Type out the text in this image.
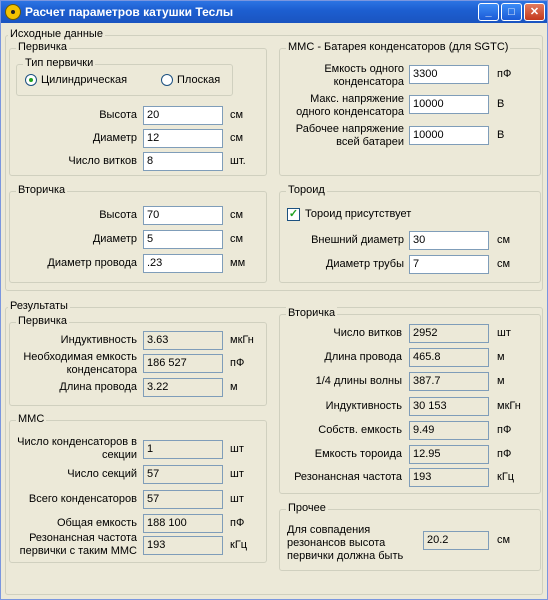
Расчет параметров катушки Теслы	_	□	✕
Исходные данные
Первичка
Тип первички
Цилиндрическая	Плоская
Высота 20	см
Диаметр 12	см
Число витков 8	шт.
ММС - Батарея конденсаторов (для SGTC)
Емкость одного конденсатора
3300	пФ
Макс. напряжение одного конденсатора
10000	В
Рабочее напряжение всей батареи
10000	В
Вторичка
Высота 70	см
Диаметр 5	см
Диаметр провода .23	мм
Тороид
✓ Тороид присутствует
Внешний диаметр 30	см
Диаметр трубы 7	см
Результаты
Первичка
Индуктивность 3.63	мкГн
Необходимая емкость конденсатора
186 527	пФ
Длина провода 3.22	м
ММС
Число конденсаторов в секции 1	шт
Число секций 57	шт
Всего конденсаторов 57	шт
Общая емкость 188 100	пФ
Резонансная частота первички с таким ММС 193	кГц
Вторичка
Число витков	2952	шт
Длина провода	465.8	м
1/4 длины волны	387.7	м
Индуктивность	30 153	мкГн
Собств. емкость	9.49	пФ
Емкость тороида	12.95	пФ
Резонансная частота	193	кГц
Прочее
Для совпадения резонансов высота первички должна быть
20.2	см
